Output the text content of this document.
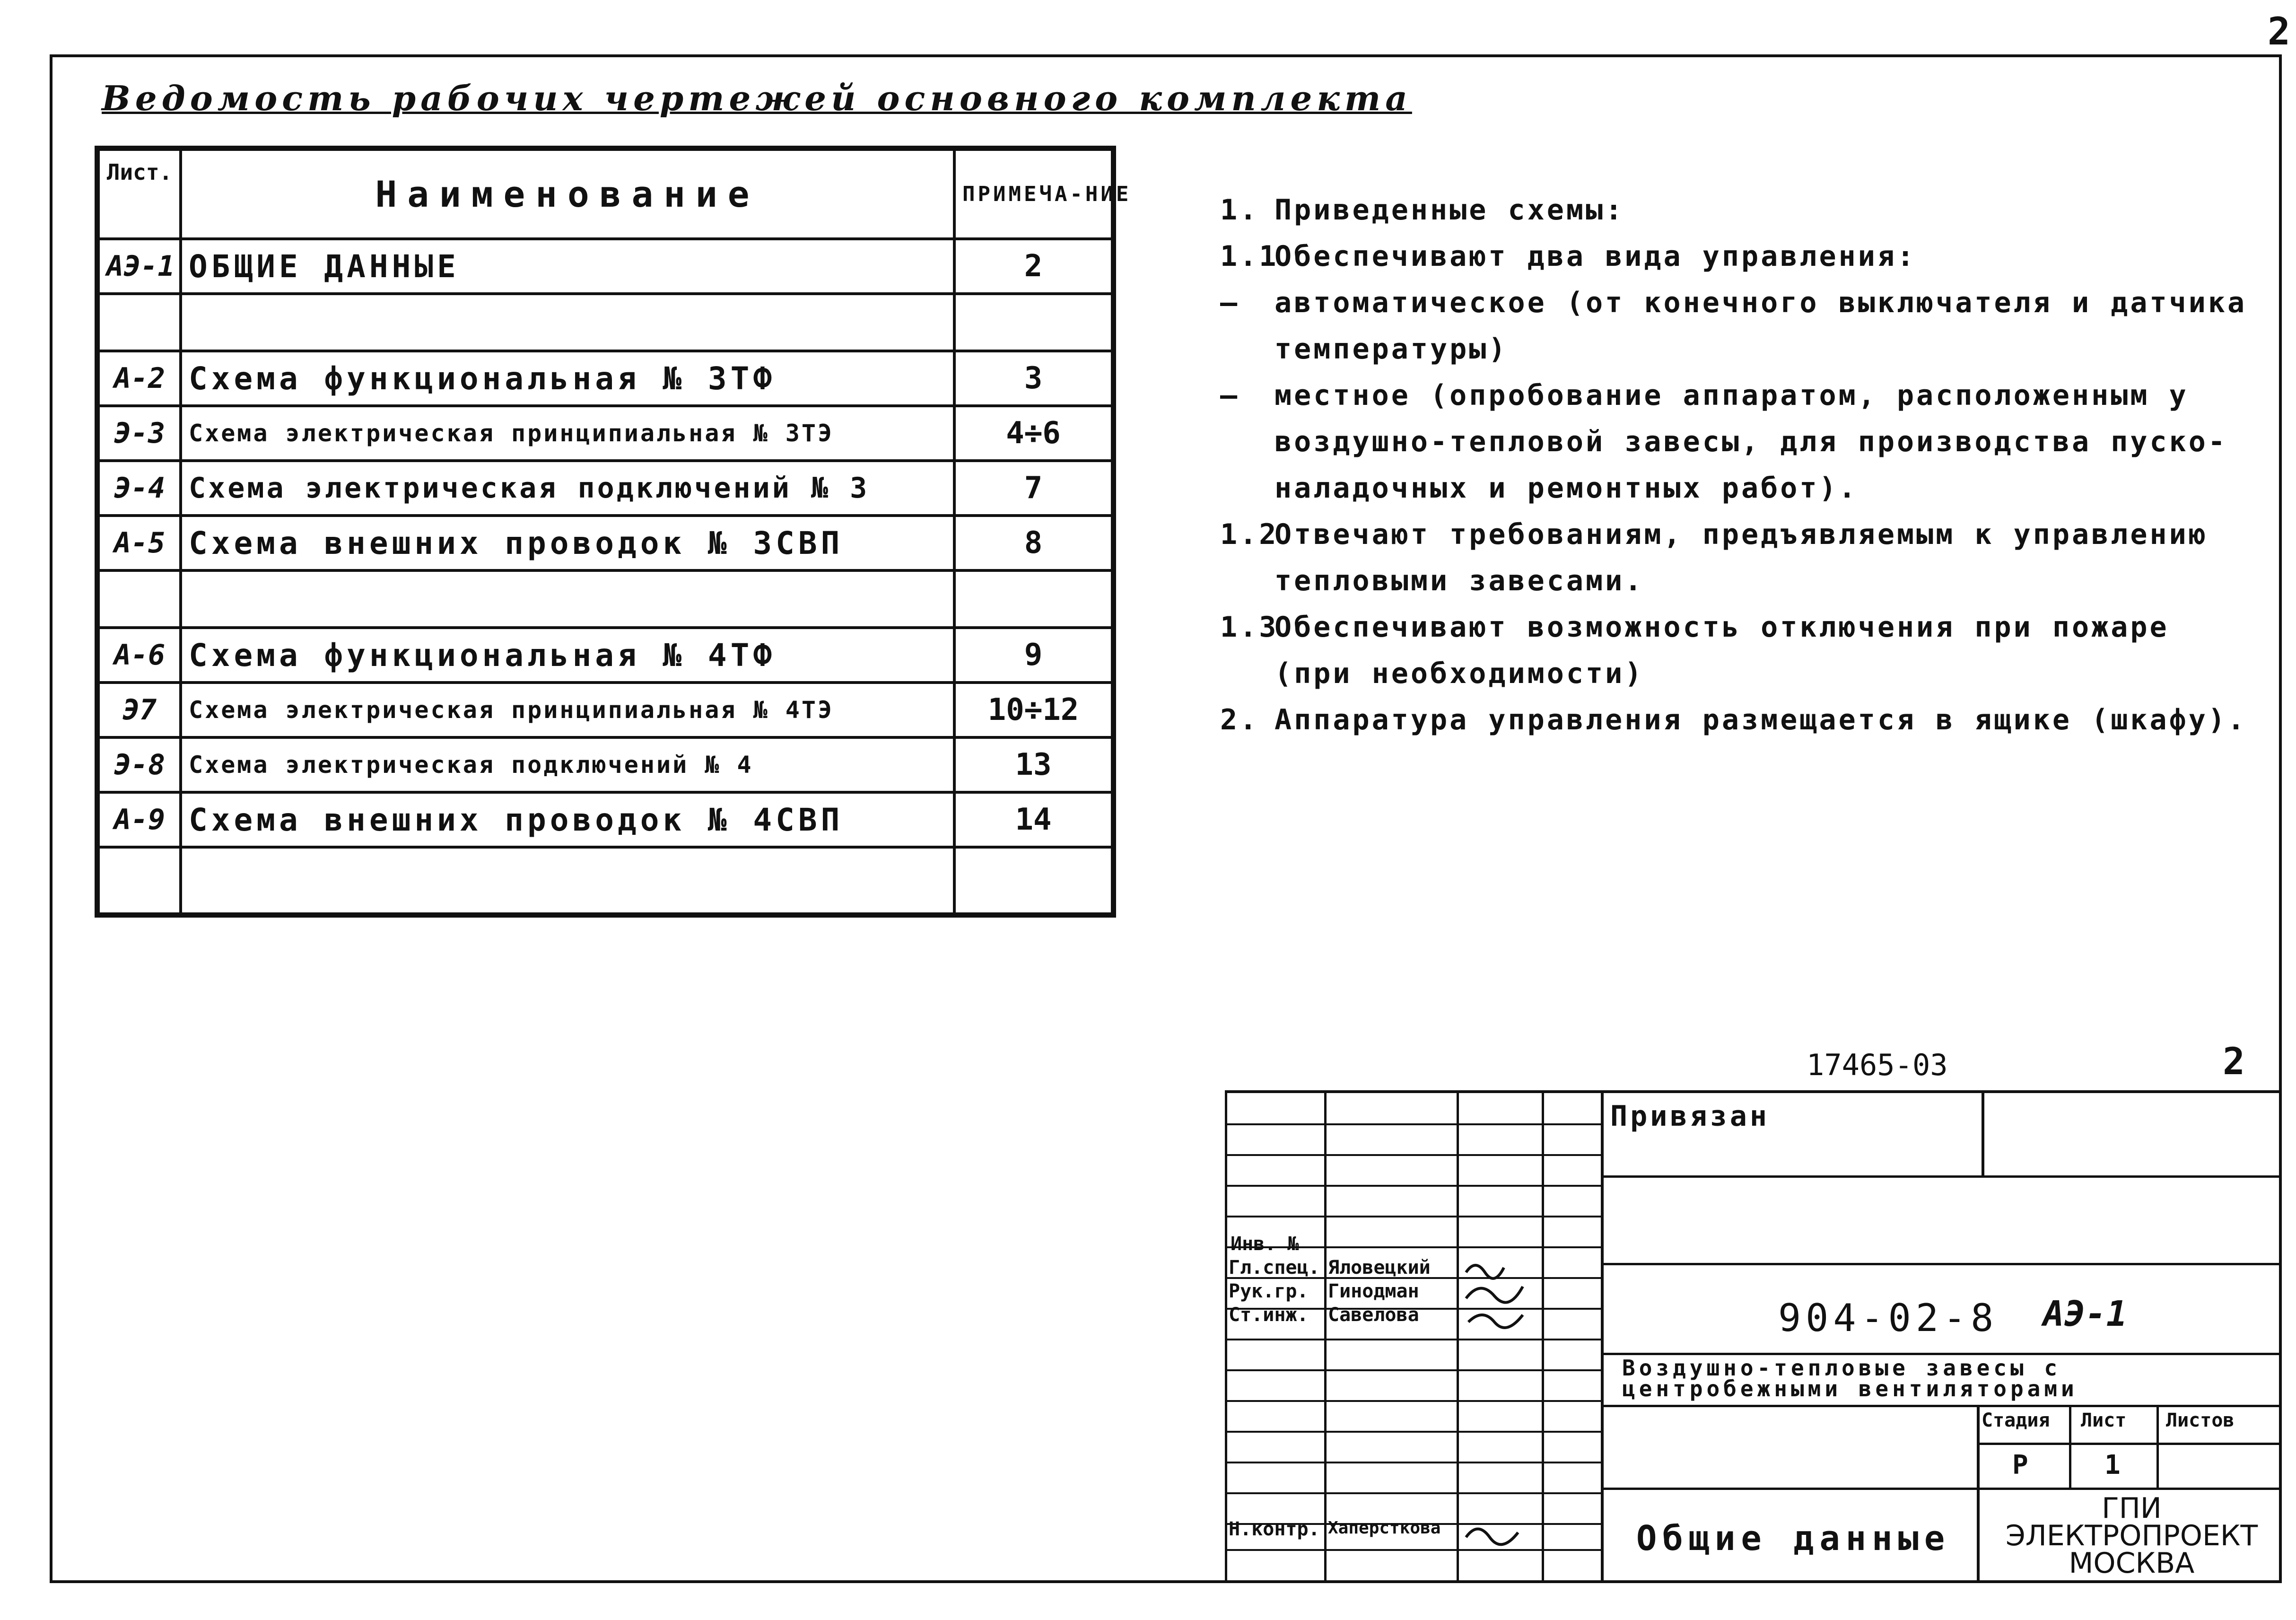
2
Ведомость рабочих чертежей основного комплекта
Лист.	Наименование	ПРИМЕЧА-НИЕ
АЭ-1	ОБЩИЕ ДАННЫЕ	2

А-2	Схема функциональная № 3ТФ	3
Э-3	Схема электрическая принципиальная № 3ТЭ	4÷6
Э-4	Схема электрическая подключений № 3	7
А-5	Схема внешних проводок № 3СВП	8

А-6	Схема функциональная № 4ТФ	9
Э7	Схема электрическая принципиальная № 4ТЭ	10÷12
Э-8	Схема электрическая подключений № 4	13
А-9	Схема внешних проводок № 4СВП	14

1. Приведенные схемы:
1.1
Обеспечивают два вида управления:
—	автоматическое (от конечного выключателя и датчика температуры)
—	местное (опробование аппаратом, расположенным у воздушно-тепловой завесы, для производства пуско-наладочных и ремонтных работ).
1.2
Отвечают требованиям, предъявляемым к управлению тепловыми завесами.
1.3
Обеспечивают возможность отключения при пожаре (при необходимости)
2. Аппаратура управления размещается в ящике (шкафу).
17465-03	2
Инв. №
Гл.спец. Яловецкий
Рук.гр. Гинодман
Ст.инж. Савелова
Н.контр. Хаперсткова
Привязан
904-02-8 АЭ-1
Воздушно-тепловые завесы с
центробежными вентиляторами
Стадия Лист Листов
Р	1
Общие данные
ГПИ
ЭЛЕКТРОПРОЕКТ
МОСКВА
